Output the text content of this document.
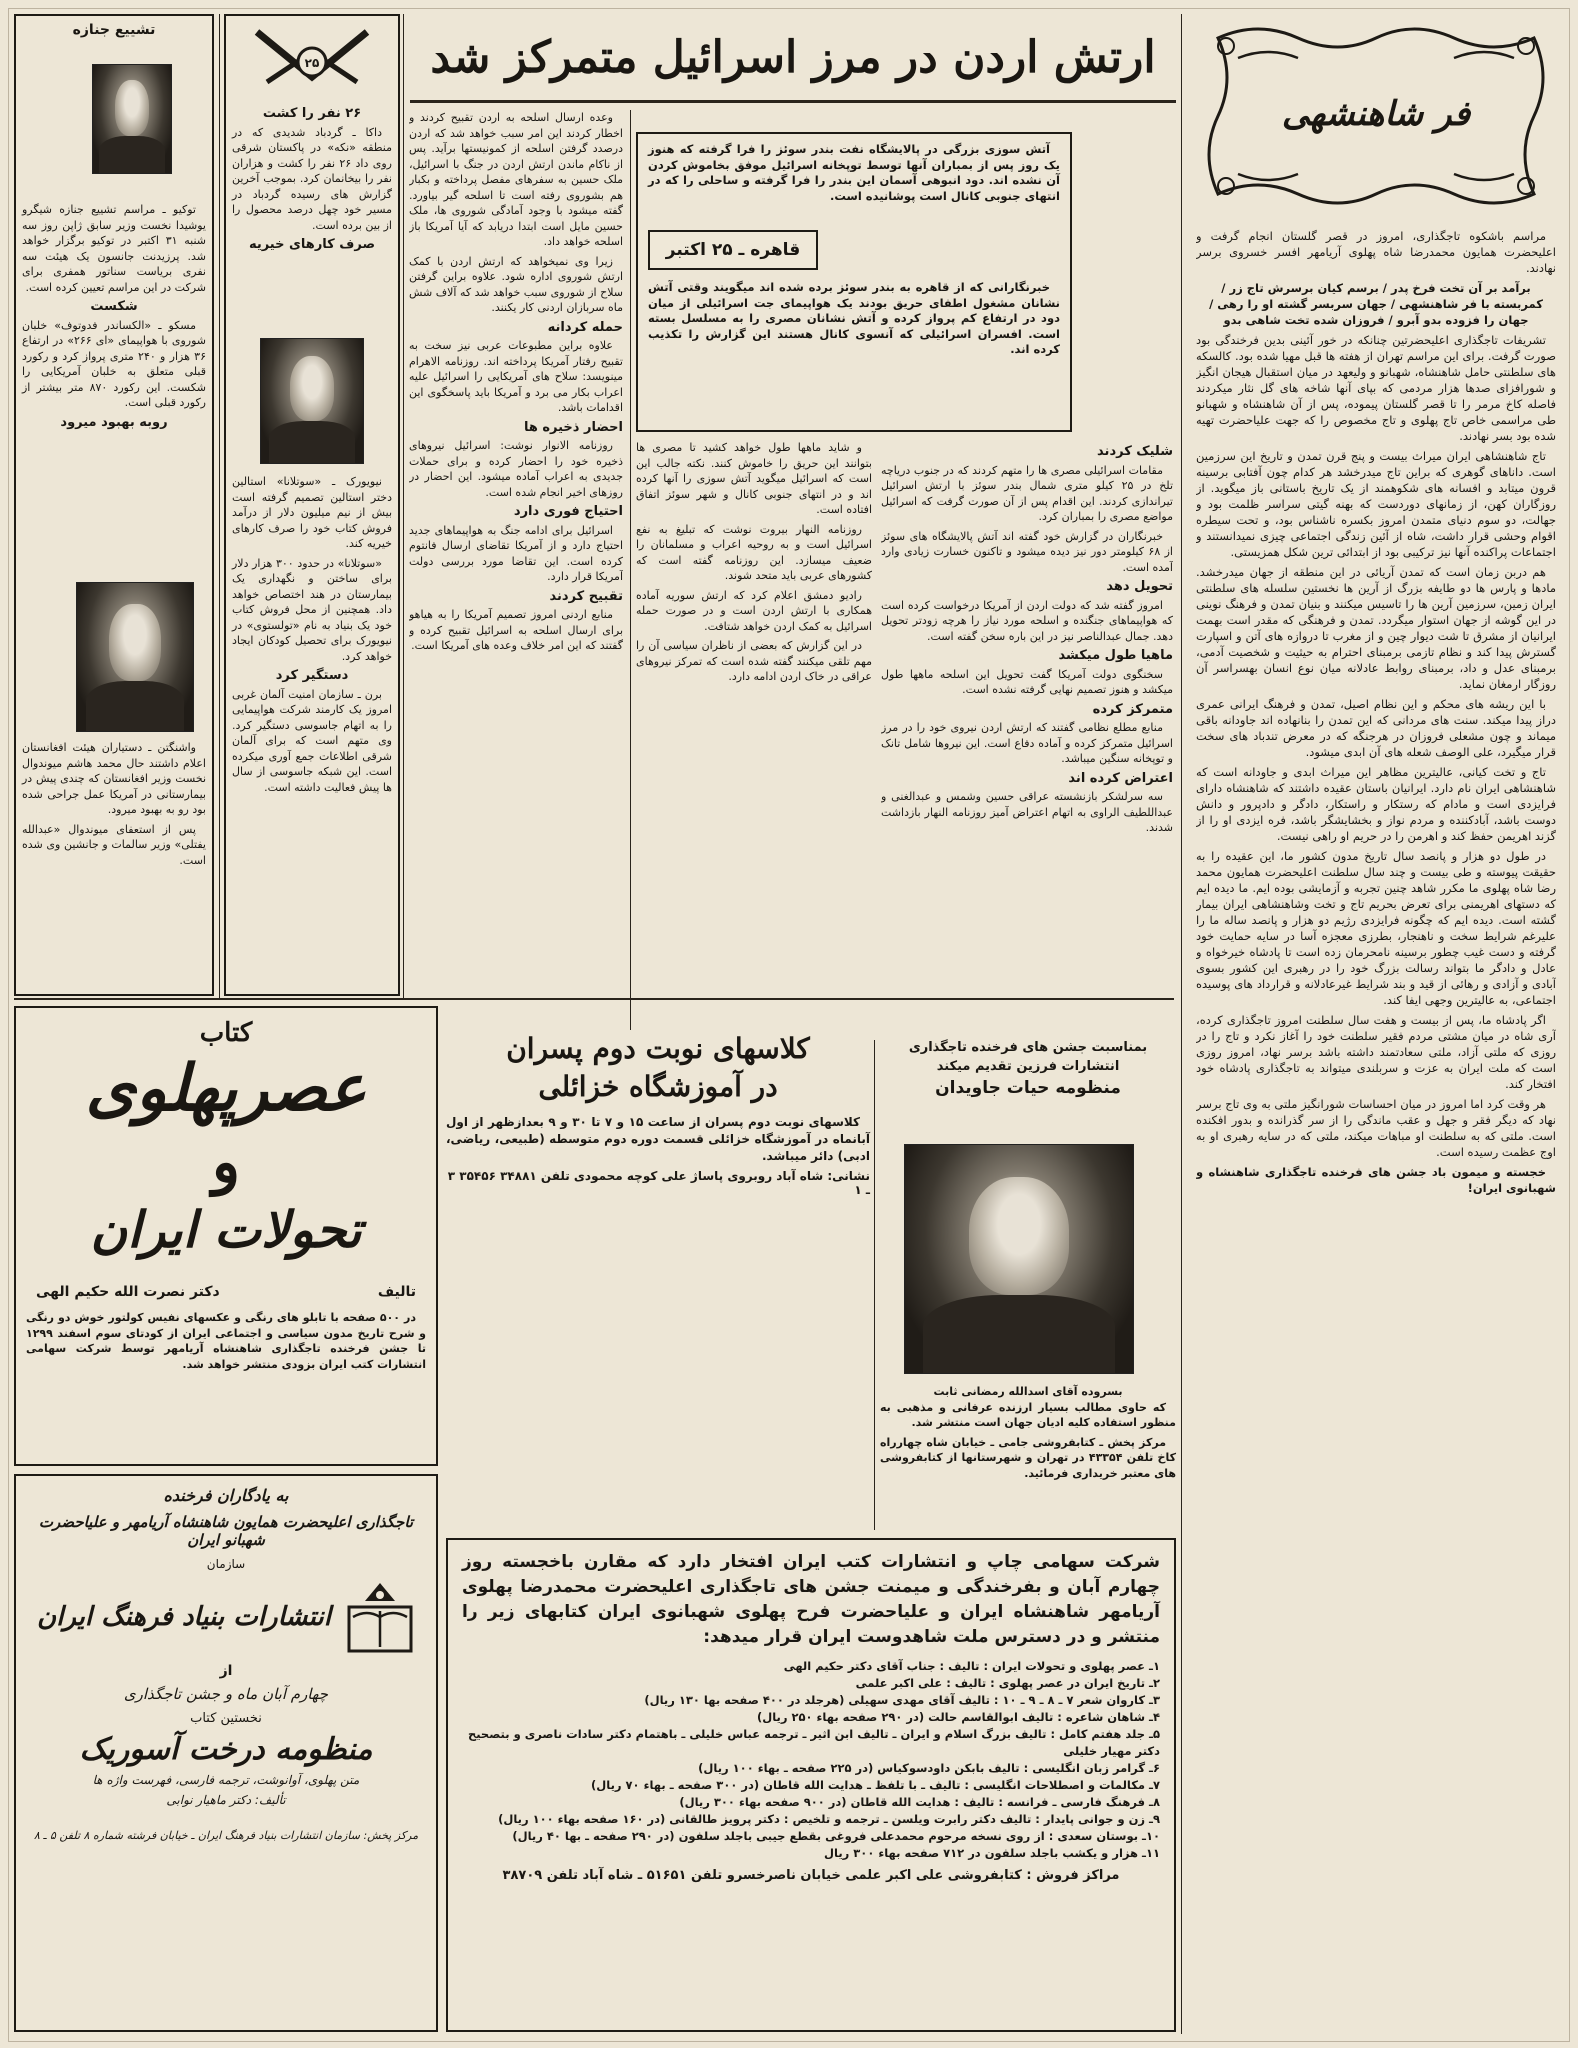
تشییع جنازه

توکیو ـ مراسم تشییع جنازه شیگرو یوشیدا نخست وزیر سابق ژاپن روز سه شنبه ۳۱ اکتبر در توکیو برگزار خواهد شد. پرزیدنت جانسون یک هیئت سه نفری بریاست سناتور همفری برای شرکت در این مراسم تعیین کرده است.

شکست

مسکو ـ «الکساندر فدوتوف» خلبان شوروی با هواپیمای «ای ۲۶۶» در ارتفاع ۳۶ هزار و ۲۴۰ متری پرواز کرد و رکورد قبلی متعلق به خلبان آمریکایی را شکست. این رکورد ۸۷۰ متر بیشتر از رکورد قبلی است.

روبه بهبود میرود

واشنگتن ـ دستیاران هیئت افغانستان اعلام داشتند حال محمد هاشم میوندوال نخست وزیر افغانستان که چندی پیش در بیمارستانی در آمریکا عمل جراحی شده بود رو به بهبود میرود.

پس از استعفای میوندوال «عبدالله یفتلی» وزیر سالمات و جانشین وی شده است.

۲۵
۲۶ نفر را کشت

داکا ـ گردباد شدیدی که در منطقه «نکه» در پاکستان شرقی روی داد ۲۶ نفر را کشت و هزاران نفر را بیخانمان کرد. بموجب آخرین گزارش های رسیده گردباد در مسیر خود چهل درصد محصول را از بین برده است.

صرف کارهای خیریه

نیویورک ـ «سوتلانا» استالین دختر استالین تصمیم گرفته است بیش از نیم میلیون دلار از درآمد فروش کتاب خود را صرف کارهای خیریه کند.

«سوتلانا» در حدود ۳۰۰ هزار دلار برای ساختن و نگهداری یک بیمارستان در هند اختصاص خواهد داد. همچنین از محل فروش کتاب خود یک بنیاد به نام «تولستوی» در نیویورک برای تحصیل کودکان ایجاد خواهد کرد.

دستگیر کرد

برن ـ سازمان امنیت آلمان غربی امروز یک کارمند شرکت هواپیمایی را به اتهام جاسوسی دستگیر کرد. وی متهم است که برای آلمان شرقی اطلاعات جمع آوری میکرده است. این شبکه جاسوسی از سال ها پیش فعالیت داشته است.

ارتش اردن در مرز اسرائیل متمرکز شد

آتش سوزی بزرگی در پالایشگاه نفت بندر سوئز را فرا گرفته که هنوز یک روز پس از بمباران آنها توسط توپخانه اسرائیل موفق بخاموش کردن آن نشده اند. دود انبوهی آسمان این بندر را فرا گرفته و ساحلی را که در انتهای جنوبی کانال است پوشانیده است.

قاهره ـ ۲۵ اکتبر

خبرنگارانی که از قاهره به بندر سوئز برده شده اند میگویند وقتی آتش نشانان مشغول اطفای حریق بودند یک هواپیمای جت اسرائیلی از میان دود در ارتفاع کم پرواز کرده و آتش نشانان مصری را به مسلسل بسته است. افسران اسرائیلی که آنسوی کانال هستند این گزارش را تکذیب کرده اند.

وعده ارسال اسلحه به اردن تقبیح کردند و اخطار کردند این امر سبب خواهد شد که اردن درصدد گرفتن اسلحه از کمونیستها برآید. پس از ناکام ماندن ارتش اردن در جنگ با اسرائیل، ملک حسین به سفرهای مفصل پرداخته و بکبار هم بشوروی رفته است تا اسلحه گیر بیاورد. گفته میشود با وجود آمادگی شوروی ها، ملک حسین مایل است ابتدا دریابد که آیا آمریکا باز اسلحه خواهد داد.

زیرا وی نمیخواهد که ارتش اردن با کمک ارتش شوروی اداره شود. علاوه براین گرفتن سلاح از شوروی سبب خواهد شد که آلاف شش ماه سربازان اردنی کار یکنند.

حمله کردانه

علاوه براین مطبوعات عربی نیز سخت به تقبیح رفتار آمریکا پرداخته اند. روزنامه الاهرام مینویسد: سلاح های آمریکایی را اسرائیل علیه اعراب بکار می برد و آمریکا باید پاسخگوی این اقدامات باشد.

احضار ذخیره ها

روزنامه الانوار نوشت: اسرائیل نیروهای ذخیره خود را احضار کرده و برای حملات جدیدی به اعراب آماده میشود. این احضار در روزهای اخیر انجام شده است.

احتیاج فوری دارد

اسرائیل برای ادامه جنگ به هواپیماهای جدید احتیاج دارد و از آمریکا تقاضای ارسال فانتوم کرده است. این تقاضا مورد بررسی دولت آمریکا قرار دارد.

تقبیح کردند

منابع اردنی امروز تصمیم آمریکا را به هیاهو برای ارسال اسلحه به اسرائیل تقبیح کرده و گفتند که این امر خلاف وعده های آمریکا است.

شلیک کردند

مقامات اسرائیلی مصری ها را متهم کردند که در جنوب دریاچه تلخ در ۲۵ کیلو متری شمال بندر سوئز با ارتش اسرائیل تیراندازی کردند. این اقدام پس از آن صورت گرفت که اسرائیل مواضع مصری را بمباران کرد.

خبرنگاران در گزارش خود گفته اند آتش پالایشگاه های سوئز از ۶۸ کیلومتر دور نیز دیده میشود و تاکنون خسارت زیادی وارد آمده است.

تحویل دهد

امروز گفته شد که دولت اردن از آمریکا درخواست کرده است که هواپیماهای جنگنده و اسلحه مورد نیاز را هرچه زودتر تحویل دهد. جمال عبدالناصر نیز در این باره سخن گفته است.

ماهیا طول میکشد

سخنگوی دولت آمریکا گفت تحویل این اسلحه ماهها طول میکشد و هنوز تصمیم نهایی گرفته نشده است.

متمرکز کرده

منابع مطلع نظامی گفتند که ارتش اردن نیروی خود را در مرز اسرائیل متمرکز کرده و آماده دفاع است. این نیروها شامل تانک و توپخانه سنگین میباشد.

اعتراض کرده اند

سه سرلشکر بازنشسته عراقی حسین وشمس و عبدالغنی و عبداللطیف الراوی به اتهام اعتراض آمیز روزنامه النهار بازداشت شدند.

و شاید ماهها طول خواهد کشید تا مصری ها بتوانند این حریق را خاموش کنند. نکته جالب این است که اسرائیل میگوید آتش سوزی را آنها کرده اند و در انتهای جنوبی کانال و شهر سوئز اتفاق افتاده است.

روزنامه النهار بیروت نوشت که تبلیغ به نفع اسرائیل است و به روحیه اعراب و مسلمانان را ضعیف میسازد. این روزنامه گفته است که کشورهای عربی باید متحد شوند.

رادیو دمشق اعلام کرد که ارتش سوریه آماده همکاری با ارتش اردن است و در صورت حمله اسرائیل به کمک اردن خواهد شتافت.

در این گزارش که بعضی از ناظران سیاسی آن را مهم تلقی میکنند گفته شده است که تمرکز نیروهای عراقی در خاک اردن ادامه دارد.

کتاب
عصرپهلوی
و
تحولات ایران
تالیف
دکتر نصرت الله حکیم الهی

در ۵۰۰ صفحه با تابلو های رنگی و عکسهای نفیس کولتور خوش دو رنگی و شرح تاریخ مدون سیاسی و اجتماعی ایران از کودتای سوم اسفند ۱۲۹۹ تا جشن فرخنده تاجگذاری شاهنشاه آریامهر توسط شرکت سهامی انتشارات کتب ایران بزودی منتشر خواهد شد.

به یادگاران فرخنده
تاجگذاری اعلیحضرت همایون شاهنشاه آریامهر و علیاحضرت شهبانو ایران
سازمان
انتشارات بنیاد فرهنگ ایران
از
چهارم آبان ماه و جشن تاجگذاری
نخستین کتاب
منظومه درخت آسوریک
متن پهلوی، آوانوشت، ترجمه فارسی، فهرست واژه ها
تألیف: دکتر ماهیار نوابی
مرکز پخش: سازمان انتشارات بنیاد فرهنگ ایران ـ خیابان فرشته شماره ۸ تلفن ۵ ـ ۸
کلاسهای نوبت دوم پسران
در آموزشگاه خزائلی

کلاسهای نوبت دوم پسران از ساعت ۱۵ و ۷ تا ۳۰ و ۹ بعدازظهر از اول آبانماه در آموزشگاه خزائلی قسمت دوره دوم متوسطه (طبیعی، ریاضی، ادبی) دائر میباشد.

نشانی: شاه آباد روبروی پاساژ علی کوچه محمودی تلفن ۳۴۸۸۱ ۳۵۴۵۶ ۳ ـ ۱
بمناسبت جشن های فرخنده تاجگذاری
انتشارات فرزین تقدیم میکند
منظومه حیات جاویدان
بسروده آقای اسدالله رمضانی ثابت

که حاوی مطالب بسیار ارزنده عرفانی و مذهبی به منظور استفاده کلیه ادیان جهان است منتشر شد.

مرکز پخش ـ کتابفروشی جامی ـ خیابان شاه چهارراه کاخ تلفن ۴۳۳۵۴ در تهران و شهرستانها از کتابفروشی های معتبر خریداری فرمائید.

شرکت سهامی چاپ و انتشارات کتب ایران افتخار دارد که مقارن باخجسته روز چهارم آبان و بفرخندگی و میمنت جشن های تاجگذاری اعلیحضرت محمدرضا پهلوی آریامهر شاهنشاه ایران و علیاحضرت فرح پهلوی شهبانوی ایران کتابهای زیر را منتشر و در دسترس ملت شاهدوست ایران قرار میدهد:
۱ـ عصر پهلوی و تحولات ایران : تالیف : جناب آقای دکتر حکیم الهی
۲ـ تاریخ ایران در عصر پهلوی : تالیف : علی اکبر علمی
۳ـ کاروان شعر ۷ ـ ۸ ـ ۹ ـ ۱۰ : تالیف آقای مهدی سهیلی (هرجلد در ۴۰۰ صفحه بها ۱۳۰ ریال)
۴ـ شاهان شاعره : تالیف ابوالقاسم حالت (در ۲۹۰ صفحه بهاء ۲۵۰ ریال)
۵ـ جلد هفتم کامل : تالیف بزرگ اسلام و ایران ـ تالیف ابن اثیر ـ ترجمه عباس خلیلی ـ باهتمام دکتر سادات ناصری و بتصحیح دکتر مهیار خلیلی
۶ـ گرامر زبان انگلیسی : تالیف بابکن داودسوکیاس (در ۲۲۵ صفحه ـ بهاء ۱۰۰ ریال)
۷ـ مکالمات و اصطلاحات انگلیسی : تالیف ـ با تلفظ ـ هدایت الله قاطان (در ۳۰۰ صفحه ـ بهاء ۷۰ ریال)
۸ـ فرهنگ فارسی ـ فرانسه : تالیف : هدایت الله قاطان (در ۹۰۰ صفحه بهاء ۳۰۰ ریال)
۹ـ زن و جوانی پایدار : تالیف دکتر رابرت ویلسن ـ ترجمه و تلخیص : دکتر پرویز طالقانی (در ۱۶۰ صفحه بهاء ۱۰۰ ریال)
۱۰ـ بوستان سعدی : از روی نسخه مرحوم محمدعلی فروغی بقطع جیبی باجلد سلفون (در ۲۹۰ صفحه ـ بها ۴۰ ریال)
۱۱ـ هزار و یکشب باجلد سلفون در ۷۱۲ صفحه بهاء ۳۰۰ ریال
مراکز فروش : کتابفروشی علی اکبر علمی خیابان ناصرخسرو تلفن ۵۱۶۵۱ ـ شاه آباد تلفن ۳۸۷۰۹
فر شاهنشهی

مراسم باشکوه تاجگذاری، امروز در قصر گلستان انجام گرفت و اعلیحضرت همایون محمدرضا شاه پهلوی آریامهر افسر خسروی برسر نهادند.

برآمد بر آن تخت فرخ پدر / برسم کیان برسرش تاج زر / کمربسته با فر شاهنشهی / جهان سربسر گشته او را رهی / جهان را فزوده بدو آبرو / فروزان شده تخت شاهی بدو

تشریفات تاجگذاری اعلیحضرتین چنانکه در خور آئینی بدین فرخندگی بود صورت گرفت. برای این مراسم تهران از هفته ها قبل مهیا شده بود. کالسکه های سلطنتی حامل شاهنشاه، شهبانو و ولیعهد در میان استقبال هیجان انگیز و شورافزای صدها هزار مردمی که بپای آنها شاخه های گل نثار میکردند فاصله کاخ مرمر را تا قصر گلستان پیموده، پس از آن شاهنشاه و شهبانو طی مراسمی خاص تاج پهلوی و تاج مخصوص را که جهت علیاحضرت تهیه شده بود بسر نهادند.

تاج شاهنشاهی ایران میراث بیست و پنج قرن تمدن و تاریخ این سرزمین است. داناهای گوهری که براین تاج میدرخشد هر کدام چون آفتابی برسینه قرون میتابد و افسانه های شکوهمند از یک تاریخ باستانی باز میگوید. از روزگاران کهن، از زمانهای دوردست که بهنه گیتی سراسر ظلمت بود و جهالت، دو سوم دنیای متمدن امروز بکسره ناشناس بود، و تحت سیطره اقوام وحشی قرار داشت، شاه از آئین زندگی اجتماعی چیزی نمیدانستند و اجتماعات پراکنده آنها نیز ترکیبی بود از ابتدائی ترین شکل همزیستی.

هم دربن زمان است که تمدن آریائی در این منطقه از جهان میدرخشد. مادها و پارس ها دو طایفه بزرگ از آرین ها نخستین سلسله های سلطنتی ایران زمین، سرزمین آرین ها را تاسیس میکنند و بنیان تمدن و فرهنگ نوینی در این گوشه از جهان استوار میگردد. تمدن و فرهنگی که مقدر است بهمت ایرانیان از مشرق تا شت دیوار چین و از مغرب تا دروازه های آتن و اسپارت گسترش پیدا کند و نظام تازمی برمبنای احترام به حیثیت و شخصیت آدمی، برمبنای عدل و داد، برمبنای روابط عادلانه میان نوع انسان بهسراسر آن روزگار ارمغان نماید.

با این ریشه های محکم و این نظام اصیل، تمدن و فرهنگ ایرانی عمری دراز پیدا میکند. سنت های مردانی که این تمدن را بنانهاده اند جاودانه باقی میماند و چون مشعلی فروزان در هرجنگه که در معرض تندباد های سخت قرار میگیرد، علی الوصف شعله های آن ابدی میشود.

تاج و تخت کیانی، عالیترین مظاهر این میراث ابدی و جاودانه است که شاهنشاهی ایران نام دارد. ایرانیان باستان عقیده داشتند که شاهنشاه دارای فرایزدی است و مادام که رستکار و راستکار، دادگر و دادپرور و دانش دوست باشد، آبادکننده و مردم نواز و بخشایشگر باشد، فره ایزدی او را از گزند اهریمن حفظ کند و اهرمن را در حریم او راهی نیست.

در طول دو هزار و پانصد سال تاریخ مدون کشور ما، این عقیده را به حقیقت پیوسته و طی بیست و چند سال سلطنت اعلیحضرت همایون محمد رضا شاه پهلوی ما مکرر شاهد چنین تجربه و آزمایشی بوده ایم. ما دیده ایم که دستهای اهریمنی برای تعرض بحریم تاج و تخت وشاهنشاهی ایران بیمار گشته است. دیده ایم که چگونه فرایزدی رژیم دو هزار و پانصد ساله ما را علیرغم شرایط سخت و ناهنجار، بطرزی معجزه آسا در سایه حمایت خود گرفته و دست غیب چطور برسینه نامحرمان زده است تا پادشاه خیرخواه و عادل و دادگر ما بتواند رسالت بزرگ خود را در رهبری این کشور بسوی آبادی و آزادی و رهائی از قید و بند شرایط غیرعادلانه و قرارداد های پوسیده اجتماعی، به عالیترین وجهی ایفا کند.

اگر پادشاه ما، پس از بیست و هفت سال سلطنت امروز تاجگذاری کرده، آری شاه در میان مشتی مردم فقیر سلطنت خود را آغاز نکرد و تاج را در روزی که ملتی آزاد، ملتی سعادتمند داشته باشد برسر نهاد، امروز روزی است که ملت ایران به عزت و سربلندی میتواند به تاجگذاری پادشاه خود افتخار کند.

هر وقت کرد اما امروز در میان احساسات شورانگیز ملتی به وی تاج برسر نهاد که دیگر فقر و جهل و عقب ماندگی را از سر گذرانده و بدور افکنده است. ملتی که به سلطنت او مباهات میکند، ملتی که در سایه رهبری او به اوج عظمت رسیده است.

خجسته و میمون باد جشن های فرخنده تاجگذاری شاهنشاه و شهبانوی ایران!
